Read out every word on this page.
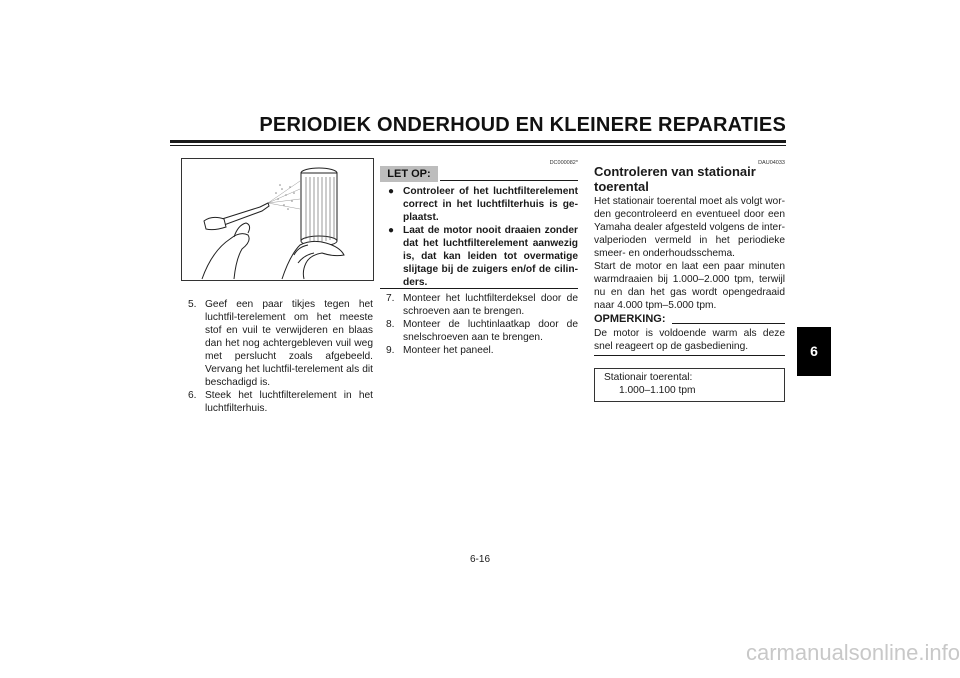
PERIODIEK ONDERHOUD EN KLEINERE REPARATIES
5. Geef een paar tikjes tegen het luchtfil-terelement om het meeste stof en vuil te verwijderen en blaas dan het nog achtergebleven vuil weg met perslucht zoals afgebeeld. Vervang het luchtfil-terelement als dit beschadigd is.
6. Steek het luchtfilterelement in het luchtfilterhuis.
DC000082*
LET OP:
● Controleer of het luchtfilterelement correct in het luchtfilterhuis is ge-plaatst.
● Laat de motor nooit draaien zonder dat het luchtfilterelement aanwezig is, dat kan leiden tot overmatige slijtage bij de zuigers en/of de cilin-ders.
7. Monteer het luchtfilterdeksel door de schroeven aan te brengen.
8. Monteer de luchtinlaatkap door de snelschroeven aan te brengen.
9. Monteer het paneel.
DAU04033
Controleren van stationair toerental

Het stationair toerental moet als volgt wor-den gecontroleerd en eventueel door een Yamaha dealer afgesteld volgens de inter-valperioden vermeld in het periodieke smeer- en onderhoudsschema.

Start de motor en laat een paar minuten warmdraaien bij 1.000–2.000 tpm, terwijl nu en dan het gas wordt opengedraaid naar 4.000 tpm–5.000 tpm.

OPMERKING:
De motor is voldoende warm als deze snel reageert op de gasbediening.
Stationair toerental:
1.000–1.100 tpm
6
6-16
carmanualsonline.info
